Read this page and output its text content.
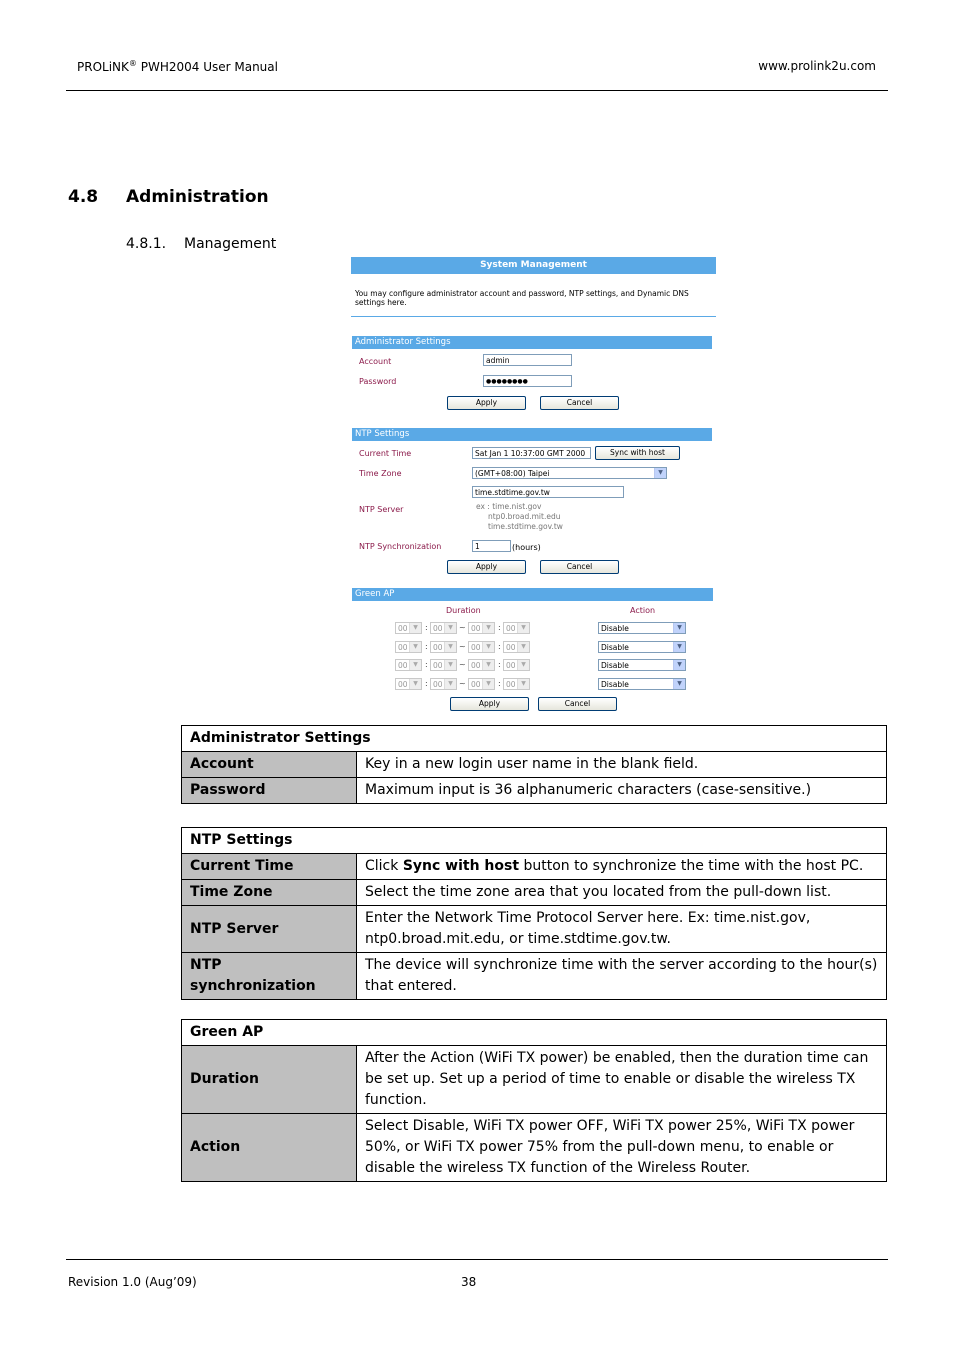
PROLiNK® PWH2004 User Manual	www.prolink2u.com
4.8 Administration
4.8.1. Management
System Management
You may configure administrator account and password, NTP settings, and Dynamic DNS settings here.
Administrator Settings
Account	admin
Password	●●●●●●●●
Apply	Cancel
NTP Settings
Current Time	Sat Jan 1 10:37:00 GMT 2000	Sync with host
Time Zone	(GMT+08:00) Taipei	▼
time.stdtime.gov.tw
NTP Server	ex : time.nist.gov
ntp0.broad.mit.edu
time.stdtime.gov.tw
NTP Synchronization	1	(hours)
Apply	Cancel
Green AP
Duration	Action
00 ▼ : 00 ▼ ~ 00 ▼ : 00 ▼	Disable	▼
00 ▼ : 00 ▼ ~ 00 ▼ : 00 ▼	Disable	▼
00 ▼ : 00 ▼ ~ 00 ▼ : 00 ▼	Disable	▼
00 ▼ : 00 ▼ ~ 00 ▼ : 00 ▼	Disable	▼
Apply	Cancel
Administrator Settings	
Account	Key in a new login user name in the blank field.
Password	Maximum input is 36 alphanumeric characters (case-sensitive.)
NTP Settings	
Current Time	Click Sync with host button to synchronize the time with the host PC.
Time Zone	Select the time zone area that you located from the pull-down list.
NTP Server	Enter the Network Time Protocol Server here. Ex: time.nist.gov, ntp0.broad.mit.edu, or time.stdtime.gov.tw.
NTP synchronization	The device will synchronize time with the server according to the hour(s) that entered.
Green AP	
Duration	After the Action (WiFi TX power) be enabled, then the duration time can be set up. Set up a period of time to enable or disable the wireless TX function.
Action	Select Disable, WiFi TX power OFF, WiFi TX power 25%, WiFi TX power 50%, or WiFi TX power 75% from the pull-down menu, to enable or disable the wireless TX function of the Wireless Router.
Revision 1.0 (Aug’09)	38
